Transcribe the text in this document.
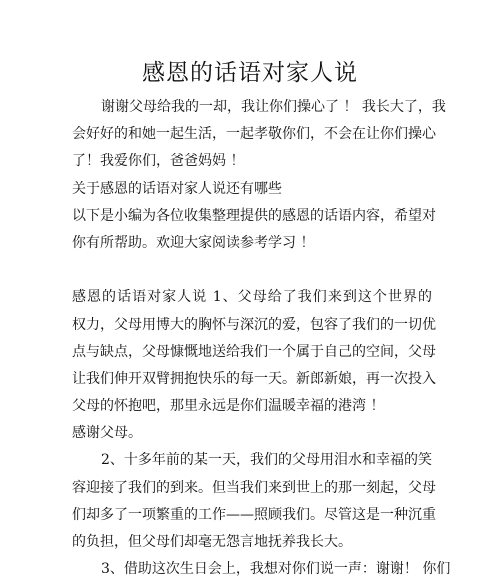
感恩的话语对家人说
谢谢父母给我的一却，我让你们操心了 ！ 我长大了，我
会好好的和她一起生活，一起孝敬你们，不会在让你们操心
了！我爱你们，爸爸妈妈 ！
关于感恩的话语对家人说还有哪些
以下是小编为各位收集整理提供的感恩的话语内容，希望对
你有所帮助。欢迎大家阅读参考学习 ！
感恩的话语对家人说 1、父母给了我们来到这个世界的
权力，父母用博大的胸怀与深沉的爱，包容了我们的一切优
点与缺点，父母慷慨地送给我们一个属于自己的空间，父母
让我们伸开双臂拥抱快乐的每一天。新郎新娘，再一次投入
父母的怀抱吧，那里永远是你们温暖幸福的港湾 ！
感谢父母。
2、十多年前的某一天，我们的父母用泪水和幸福的笑
容迎接了我们的到来。但当我们来到世上的那一刻起，父母
们却多了一项繁重的工作——照顾我们。尽管这是一种沉重
的负担，但父母们却毫无怨言地抚养我长大。
3、借助这次生日会上，我想对你们说一声：谢谢！ 你们
